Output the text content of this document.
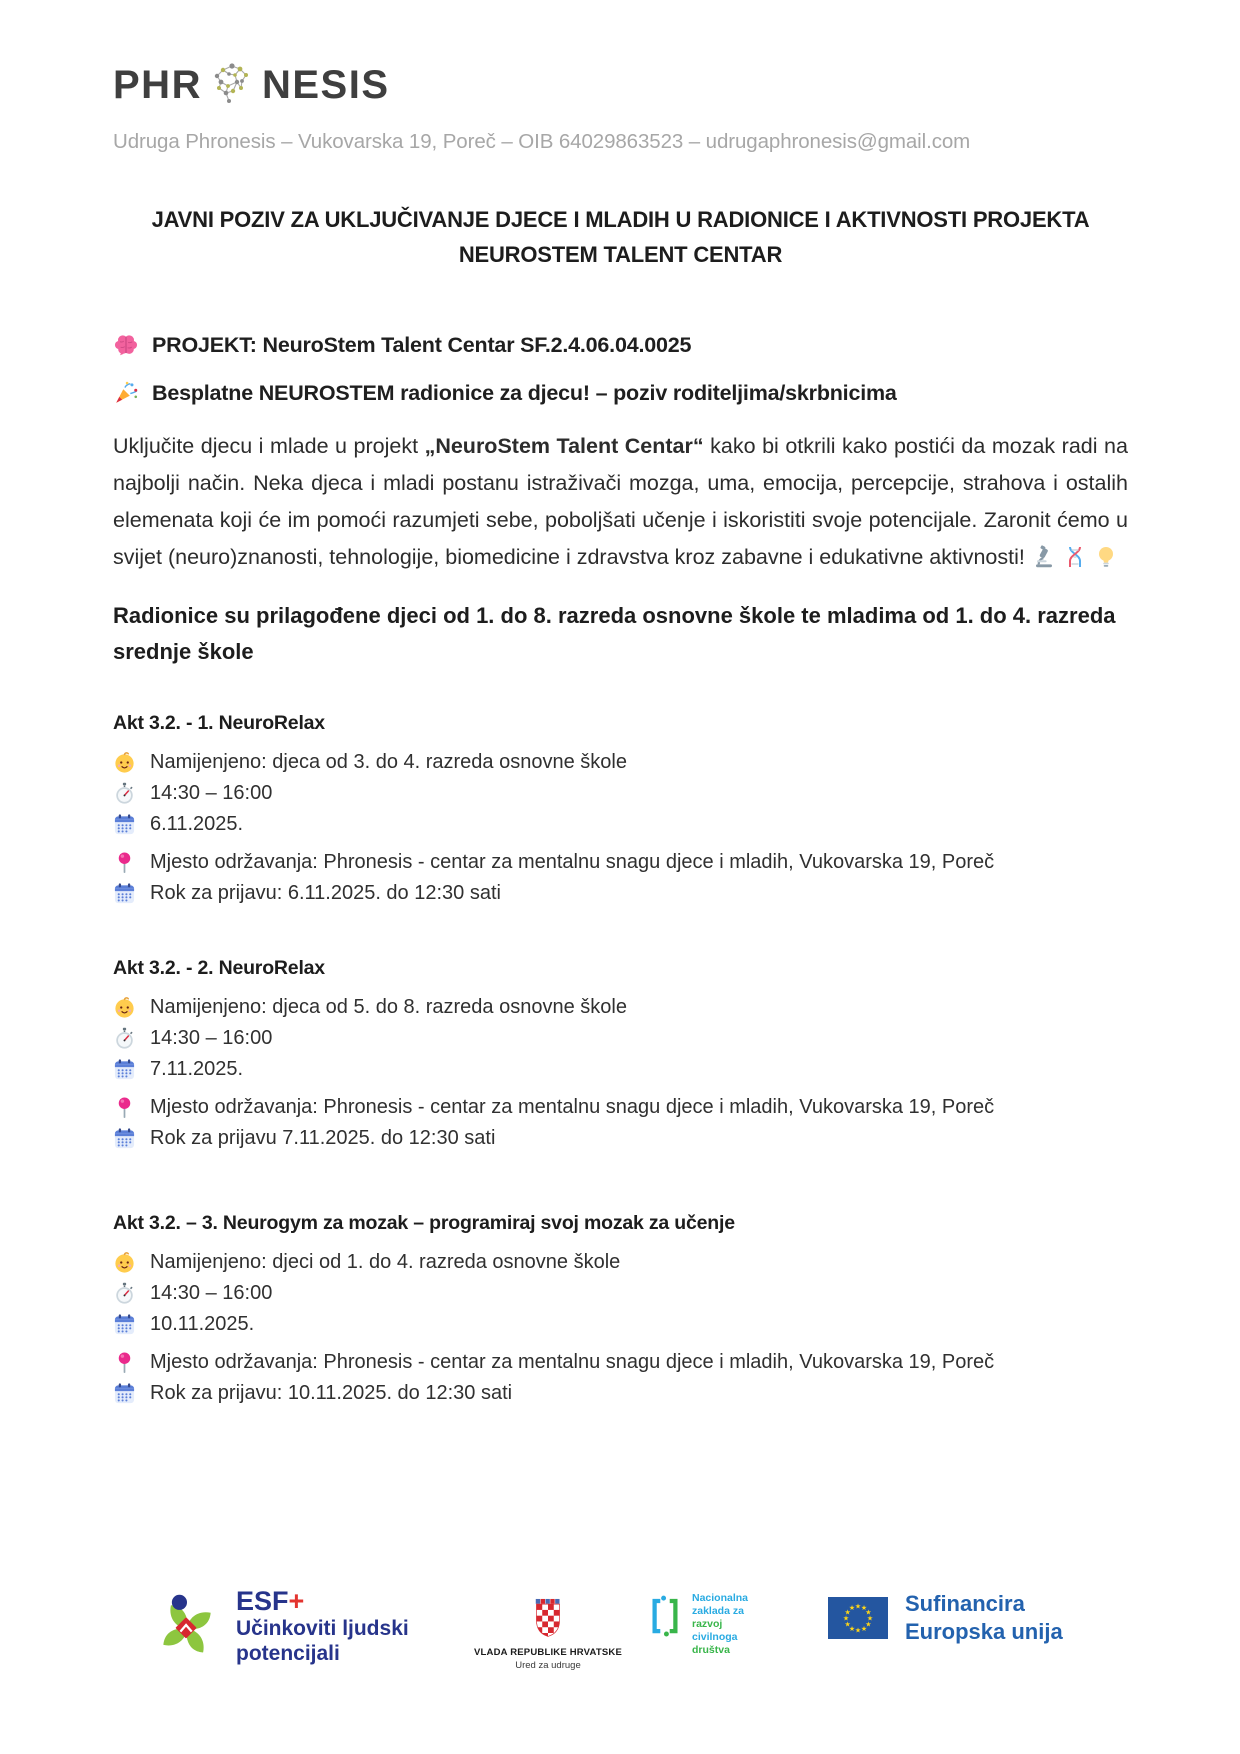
PHR NESIS
Udruga Phronesis – Vukovarska 19, Poreč – OIB 64029863523 – udrugaphronesis@gmail.com
JAVNI POZIV ZA UKLJUČIVANJE DJECE I MLADIH U RADIONICE I AKTIVNOSTI PROJEKTA
NEUROSTEM TALENT CENTAR
PROJEKT: NeuroStem Talent Centar SF.2.4.06.04.0025
Besplatne NEUROSTEM radionice za djecu! – poziv roditeljima/skrbnicima

Uključite djecu i mlade u projekt „NeuroStem Talent Centar“ kako bi otkrili kako postići da mozak radi na najbolji način. Neka djeca i mladi postanu istraživači mozga, uma, emocija, percepcije, strahova i ostalih elemenata koji će im pomoći razumjeti sebe, poboljšati učenje i iskoristiti svoje potencijale. Zaronit ćemo u svijet (neuro)znanosti, tehnologije, biomedicine i zdravstva kroz zabavne i edukativne aktivnosti!

Radionice su prilagođene djeci od 1. do 8. razreda osnovne škole te mladima od 1. do 4. razreda srednje škole

Akt 3.2. - 1. NeuroRelax
Namijenjeno: djeca od 3. do 4. razreda osnovne škole
14:30 – 16:00
6.11.2025.
Mjesto održavanja: Phronesis - centar za mentalnu snagu djece i mladih, Vukovarska 19, Poreč
Rok za prijavu: 6.11.2025. do 12:30 sati
Akt 3.2. - 2. NeuroRelax
Namijenjeno: djeca od 5. do 8. razreda osnovne škole
14:30 – 16:00
7.11.2025.
Mjesto održavanja: Phronesis - centar za mentalnu snagu djece i mladih, Vukovarska 19, Poreč
Rok za prijavu 7.11.2025. do 12:30 sati
Akt 3.2. – 3. Neurogym za mozak – programiraj svoj mozak za učenje
Namijenjeno: djeci od 1. do 4. razreda osnovne škole
14:30 – 16:00
10.11.2025.
Mjesto održavanja: Phronesis - centar za mentalnu snagu djece i mladih, Vukovarska 19, Poreč
Rok za prijavu: 10.11.2025. do 12:30 sati
ESF+
Učinkoviti ljudski
potencijali	VLADA REPUBLIKE HRVATSKE
Ured za udruge
Nacionalna
zaklada za
razvoj
civilnoga
društva
★ ★
★
★
★
★
★
★
★
★
★
★ Sufinancira
Europska unija
